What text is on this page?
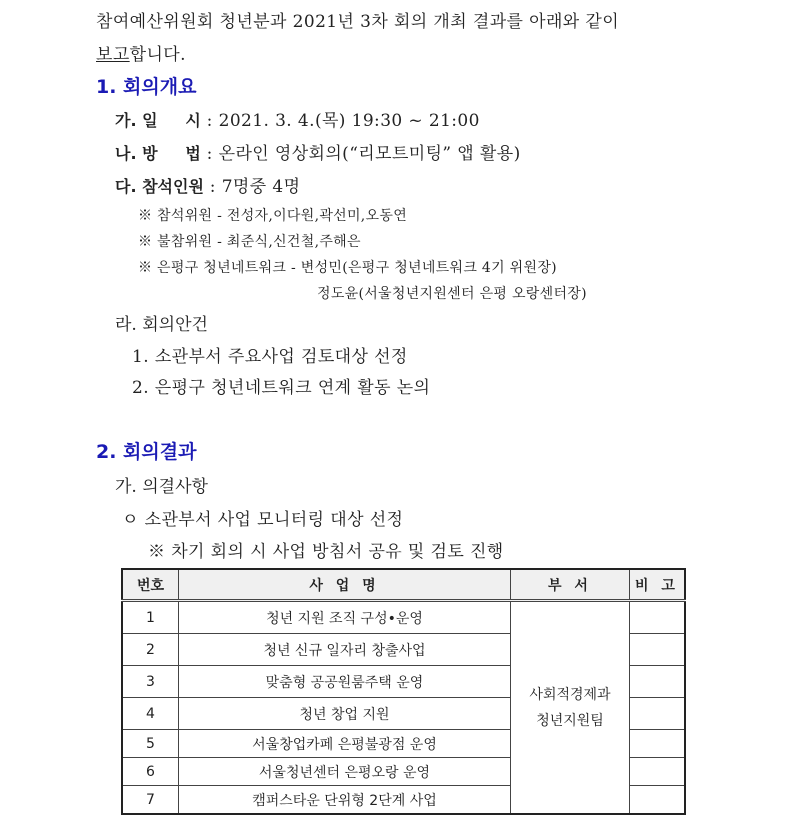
참여예산위원회 청년분과 2021년 3차 회의 개최 결과를 아래와 같이
보고합니다.
1. 회의개요
가. 일     시 : 2021. 3. 4.(목) 19:30 ~ 21:00
나. 방     법 : 온라인 영상회의(“리모트미팅” 앱 활용)
다. 참석인원 : 7명중 4명
※ 참석위원 - 전성자,이다원,곽선미,오동연
※ 불참위원 - 최준식,신건철,주해은
※ 은평구 청년네트워크 - 변성민(은평구 청년네트워크 4기 위원장)
정도윤(서울청년지원센터 은평 오랑센터장)
라. 회의안건
1. 소관부서 주요사업 검토대상 선정
2. 은평구 청년네트워크 연계 활동 논의
2. 회의결과
가. 의결사항
ㅇ 소관부서 사업 모니터링 대상 선정
※ 차기 회의 시 사업 방침서 공유 및 검토 진행
번호	사 업 명	부 서	비 고
1	청년 지원 조직 구성•운영	사회적경제과
청년지원팀	

2	청년 신규 일자리 창출사업		
3	맞춤형 공공원룸주택 운영		
4	청년 창업 지원		
5	서울창업카페 은평불광점 운영		
6	서울청년센터 은평오랑 운영		
7	캠퍼스타운 단위형 2단계 사업		
